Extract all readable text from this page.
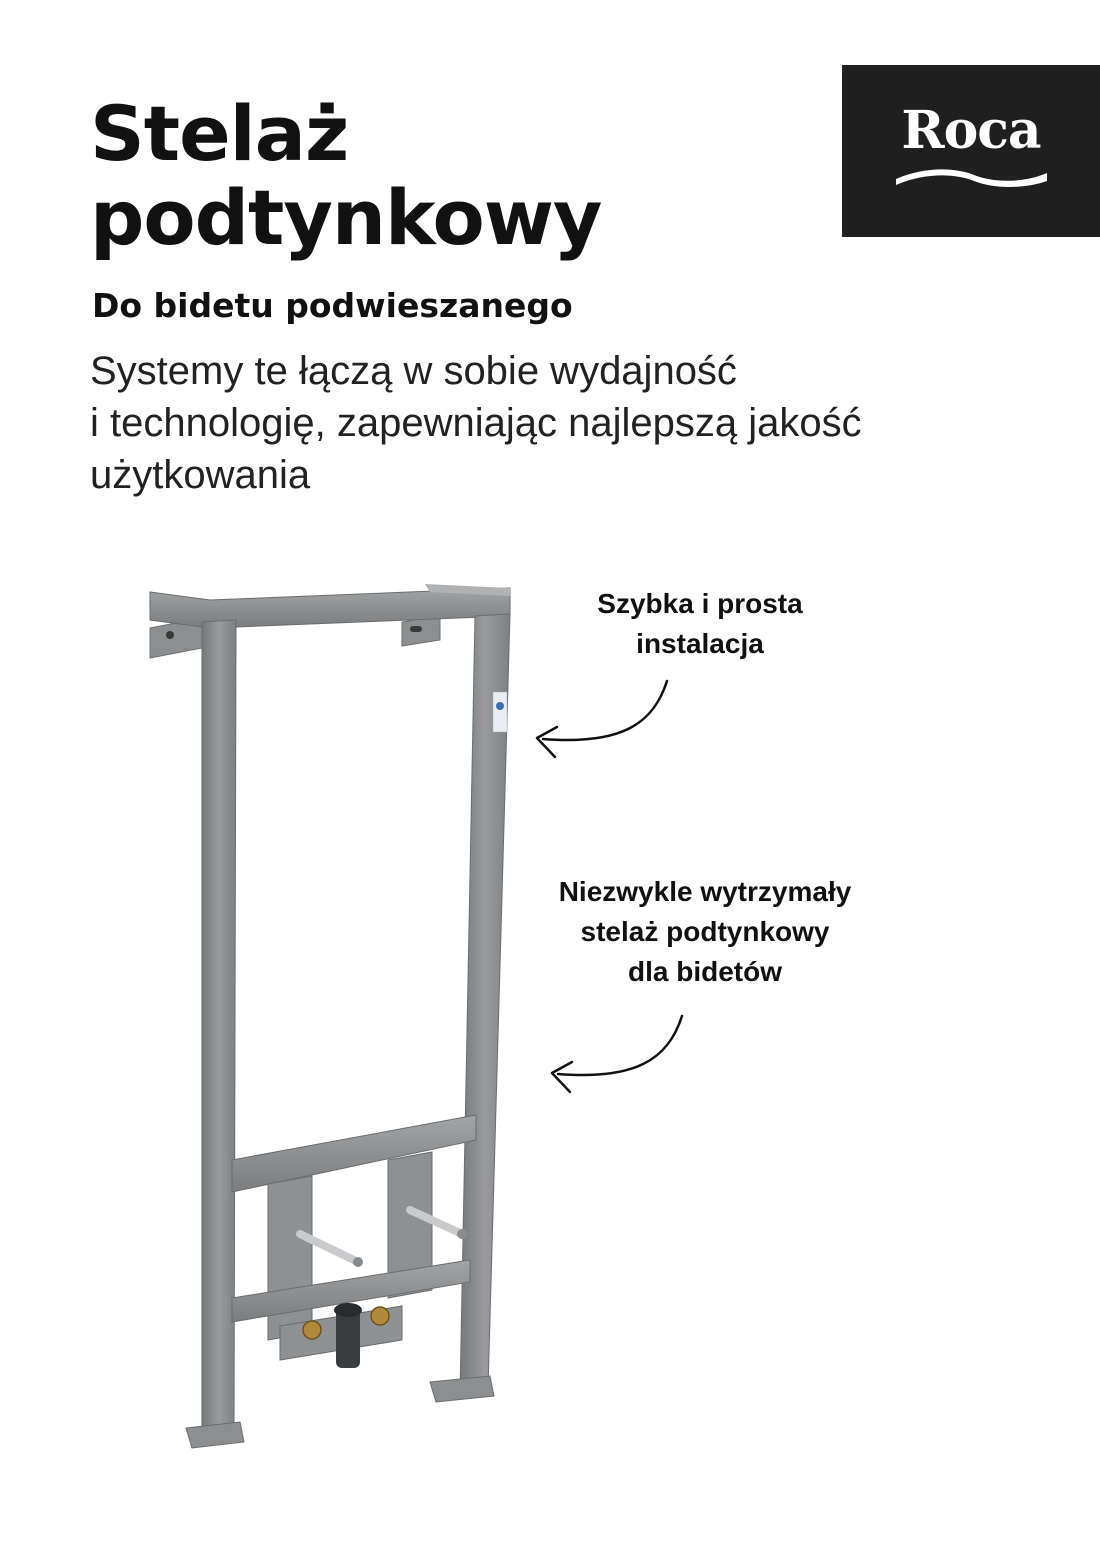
Stelaż
podtynkowy
Roca
Do bidetu podwieszanego

Systemy te łączą w sobie wydajność
i technologię, zapewniając najlepszą jakość
użytkowania

Szybka i prosta
instalacja
Niezwykle wytrzymały
stelaż podtynkowy
dla bidetów
